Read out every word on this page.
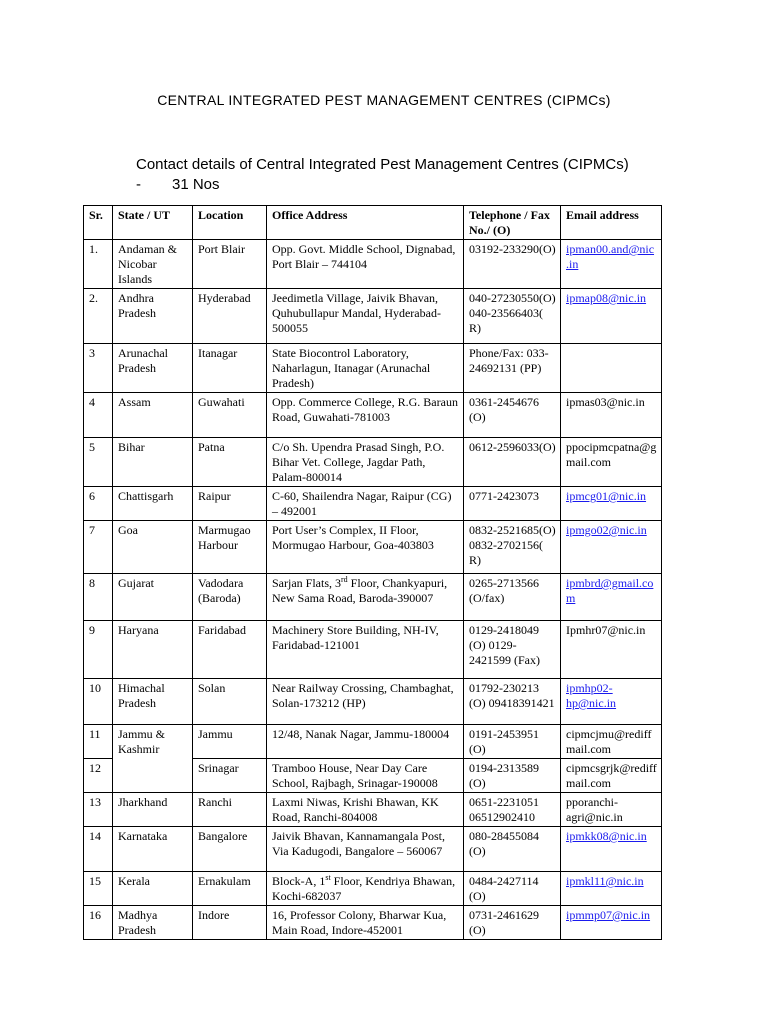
CENTRAL INTEGRATED PEST MANAGEMENT CENTRES (CIPMCs)
Contact details of Central Integrated Pest Management Centres (CIPMCs)
- 31 Nos
Sr.	State / UT	Location	Office Address	Telephone / Fax No./ (O)	Email address
1.	Andaman & Nicobar Islands	Port Blair	Opp. Govt. Middle School, Dignabad, Port Blair – 744104	03192-233290(O)	ipman00.and@nic.in
2.	Andhra Pradesh	Hyderabad	Jeedimetla Village, Jaivik Bhavan, Quhubullapur Mandal, Hyderabad-500055	040-27230550(O) 040-23566403( R)	ipmap08@nic.in
3	Arunachal Pradesh	Itanagar	State Biocontrol Laboratory, Naharlagun, Itanagar (Arunachal Pradesh)	Phone/Fax: 033-24692131 (PP)	
4	Assam	Guwahati	Opp. Commerce College, R.G. Baraun Road, Guwahati-781003	0361-2454676 (O)	ipmas03@nic.in
5	Bihar	Patna	C/o Sh. Upendra Prasad Singh, P.O. Bihar Vet. College, Jagdar Path, Palam-800014	0612-2596033(O)	ppocipmcpatna@gmail.com
6	Chattisgarh	Raipur	C-60, Shailendra Nagar, Raipur (CG) – 492001	0771-2423073	ipmcg01@nic.in
7	Goa	Marmugao Harbour	Port User’s Complex, II Floor, Mormugao Harbour, Goa-403803	0832-2521685(O) 0832-2702156( R)	ipmgo02@nic.in
8	Gujarat	Vadodara (Baroda)	Sarjan Flats, 3rd Floor, Chankyapuri, New Sama Road, Baroda-390007	0265-2713566 (O/fax)	ipmbrd@gmail.com
9	Haryana	Faridabad	Machinery Store Building, NH-IV, Faridabad-121001	0129-2418049 (O) 0129-2421599 (Fax)	Ipmhr07@nic.in
10	Himachal Pradesh	Solan	Near Railway Crossing, Chambaghat, Solan-173212 (HP)	01792-230213 (O) 09418391421	ipmhp02-hp@nic.in
11	Jammu & Kashmir	Jammu	12/48, Nanak Nagar, Jammu-180004	0191-2453951 (O)	cipmcjmu@rediffmail.com
12		Srinagar	Tramboo House, Near Day Care School, Rajbagh, Srinagar-190008	0194-2313589 (O)	cipmcsgrjk@rediffmail.com
13	Jharkhand	Ranchi	Laxmi Niwas, Krishi Bhawan, KK Road, Ranchi-804008	0651-2231051 06512902410	pporanchi-agri@nic.in
14	Karnataka	Bangalore	Jaivik Bhavan, Kannamangala Post, Via Kadugodi, Bangalore – 560067	080-28455084 (O)	ipmkk08@nic.in
15	Kerala	Ernakulam	Block-A, 1st Floor, Kendriya Bhawan, Kochi-682037	0484-2427114 (O)	ipmkl11@nic.in
16	Madhya Pradesh	Indore	16, Professor Colony, Bharwar Kua, Main Road, Indore-452001	0731-2461629 (O)	ipmmp07@nic.in
